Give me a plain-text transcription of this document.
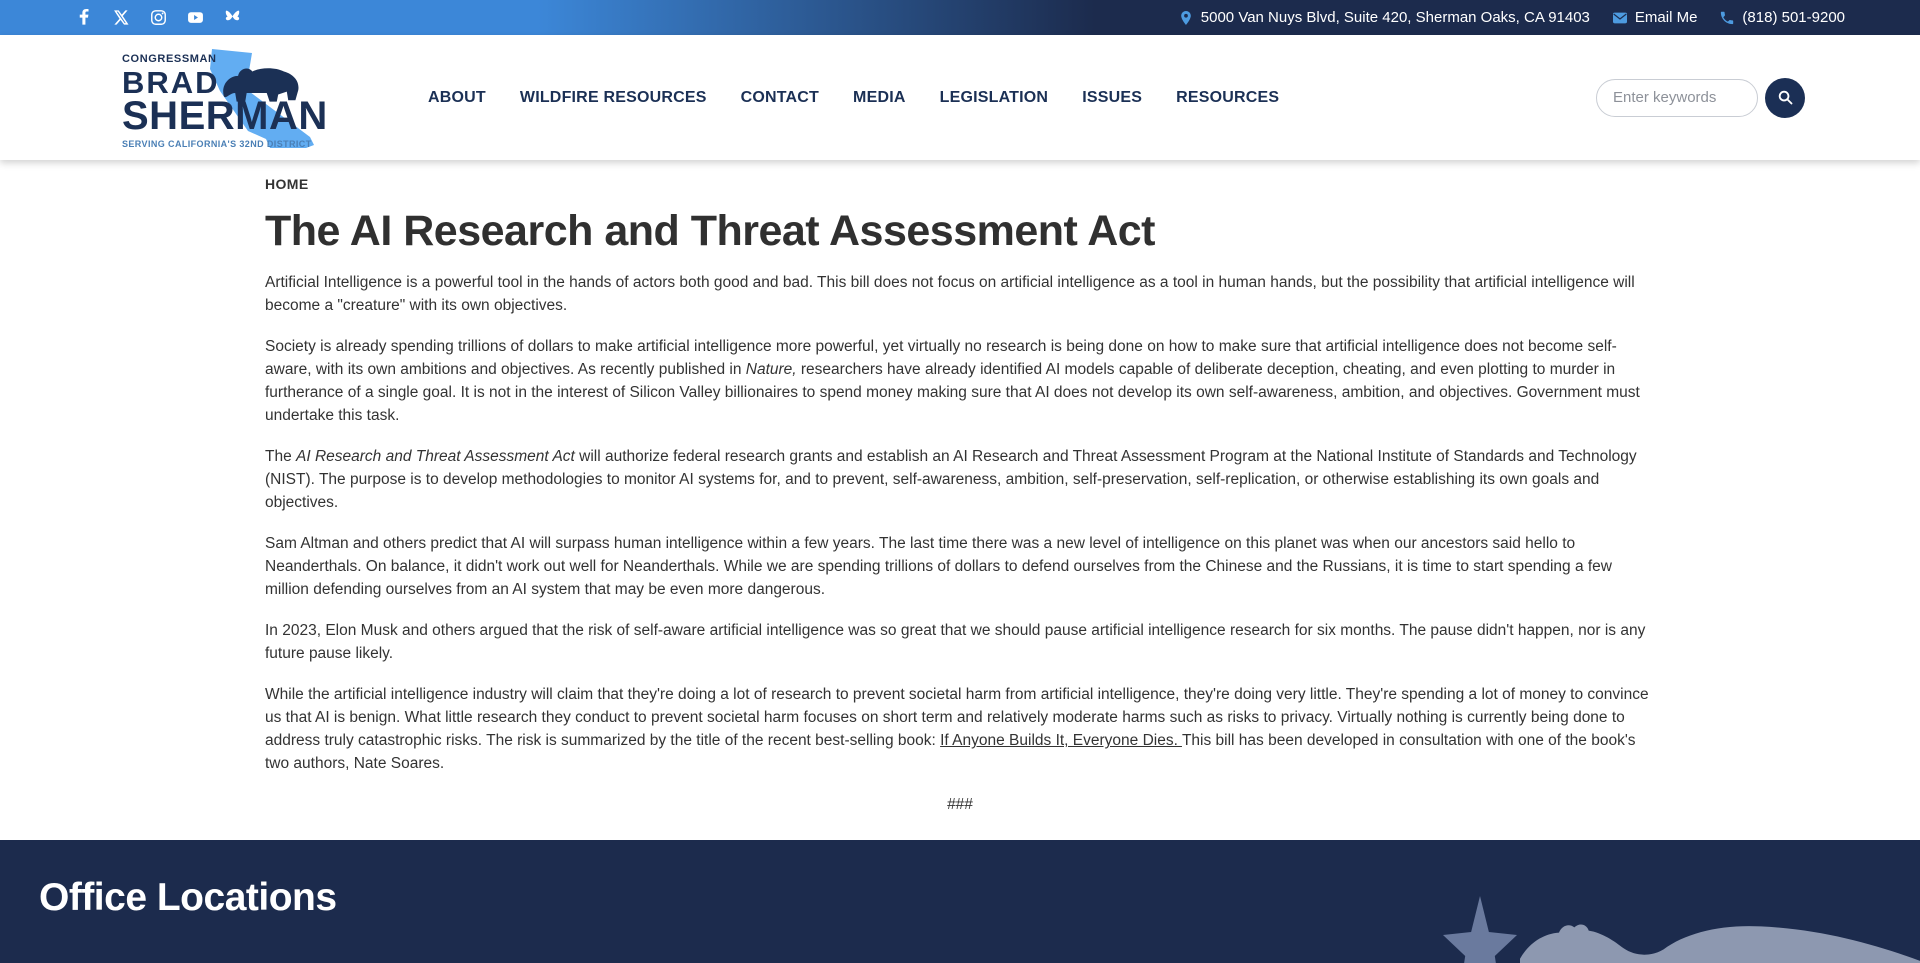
5000 Van Nuys Blvd, Suite 420, Sherman Oaks, CA 91403	Email Me	(818) 501-9200
CONGRESSMAN
BRAD
SHERMAN
SERVING CALIFORNIA'S 32ND DISTRICT
ABOUT WILDFIRE RESOURCES CONTACT MEDIA LEGISLATION ISSUES RESOURCES
Enter keywords
HOME
The AI Research and Threat Assessment Act

Artificial Intelligence is a powerful tool in the hands of actors both good and bad. This bill does not focus on artificial intelligence as a tool in human hands, but the possibility that artificial intelligence will become a "creature" with its own objectives.

Society is already spending trillions of dollars to make artificial intelligence more powerful, yet virtually no research is being done on how to make sure that artificial intelligence does not become self-aware, with its own ambitions and objectives. As recently published in Nature, researchers have already identified AI models capable of deliberate deception, cheating, and even plotting to murder in furtherance of a single goal. It is not in the interest of Silicon Valley billionaires to spend money making sure that AI does not develop its own self-awareness, ambition, and objectives. Government must undertake this task.

The AI Research and Threat Assessment Act will authorize federal research grants and establish an AI Research and Threat Assessment Program at the National Institute of Standards and Technology (NIST). The purpose is to develop methodologies to monitor AI systems for, and to prevent, self-awareness, ambition, self-preservation, self-replication, or otherwise establishing its own goals and objectives.

Sam Altman and others predict that AI will surpass human intelligence within a few years. The last time there was a new level of intelligence on this planet was when our ancestors said hello to Neanderthals. On balance, it didn't work out well for Neanderthals. While we are spending trillions of dollars to defend ourselves from the Chinese and the Russians, it is time to start spending a few million defending ourselves from an AI system that may be even more dangerous.

In 2023, Elon Musk and others argued that the risk of self-aware artificial intelligence was so great that we should pause artificial intelligence research for six months. The pause didn't happen, nor is any future pause likely.

While the artificial intelligence industry will claim that they're doing a lot of research to prevent societal harm from artificial intelligence, they're doing very little. They're spending a lot of money to convince us that AI is benign. What little research they conduct to prevent societal harm focuses on short term and relatively moderate harms such as risks to privacy. Virtually nothing is currently being done to address truly catastrophic risks. The risk is summarized by the title of the recent best-selling book: If Anyone Builds It, Everyone Dies. This bill has been developed in consultation with one of the book's two authors, Nate Soares.

###

Office Locations
